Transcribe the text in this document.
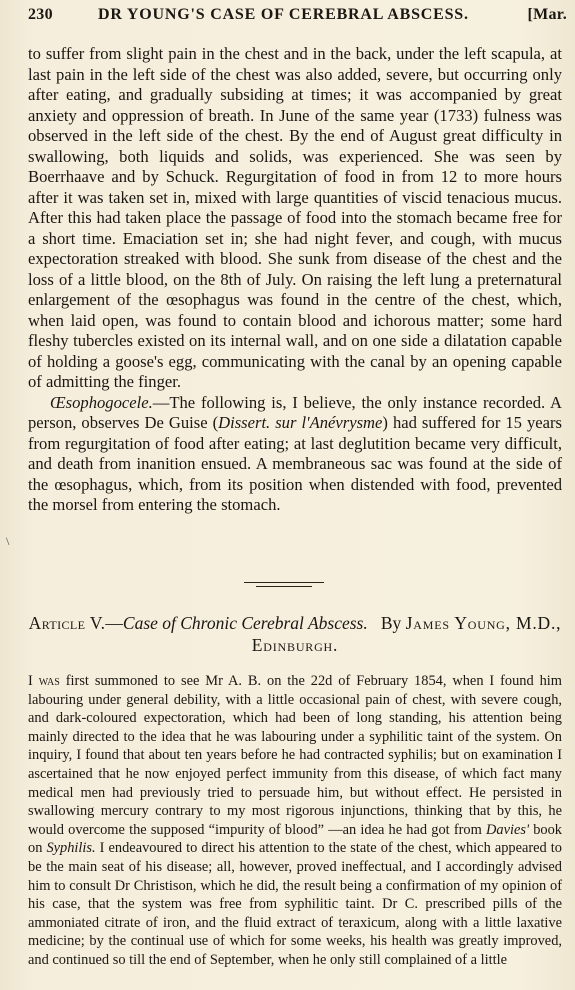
230	DR YOUNG'S CASE OF CEREBRAL ABSCESS.	[Mar.

to suffer from slight pain in the chest and in the back, under the left scapula, at last pain in the left side of the chest was also added, severe, but occurring only after eating, and gradually subsiding at times; it was accompanied by great anxiety and oppression of breath. In June of the same year (1733) fulness was observed in the left side of the chest. By the end of August great difficulty in swallowing, both liquids and solids, was experienced. She was seen by Boerrhaave and by Schuck. Regurgitation of food in from 12 to more hours after it was taken set in, mixed with large quantities of viscid tenacious mucus. After this had taken place the passage of food into the stomach became free for a short time. Emaciation set in; she had night fever, and cough, with mucus expectoration streaked with blood. She sunk from disease of the chest and the loss of a little blood, on the 8th of July. On raising the left lung a preternatural enlargement of the œsophagus was found in the centre of the chest, which, when laid open, was found to contain blood and ichorous matter; some hard fleshy tubercles existed on its internal wall, and on one side a dilatation capable of holding a goose's egg, communicating with the canal by an opening capable of admitting the finger.

Œsophogocele.—The following is, I believe, the only instance recorded. A person, observes De Guise (Dissert. sur l'Anévrysme) had suffered for 15 years from regurgitation of food after eating; at last deglutition became very difficult, and death from inanition ensued. A membraneous sac was found at the side of the œsophagus, which, from its position when distended with food, prevented the morsel from entering the stomach.

\
Article V.—Case of Chronic Cerebral Abscess. By James Young, M.D., Edinburgh.

I was first summoned to see Mr A. B. on the 22d of February 1854, when I found him labouring under general debility, with a little occasional pain of chest, with severe cough, and dark-coloured expectoration, which had been of long standing, his attention being mainly directed to the idea that he was labouring under a syphilitic taint of the system. On inquiry, I found that about ten years before he had contracted syphilis; but on examination I ascertained that he now enjoyed perfect immunity from this disease, of which fact many medical men had previously tried to persuade him, but without effect. He persisted in swallowing mercury contrary to my most rigorous injunctions, thinking that by this, he would overcome the supposed “impurity of blood” —an idea he had got from Davies' book on Syphilis. I endeavoured to direct his attention to the state of the chest, which appeared to be the main seat of his disease; all, however, proved ineffectual, and I accordingly advised him to consult Dr Christison, which he did, the result being a confirmation of my opinion of his case, that the system was free from syphilitic taint. Dr C. prescribed pills of the ammoniated citrate of iron, and the fluid extract of teraxicum, along with a little laxative medicine; by the continual use of which for some weeks, his health was greatly improved, and continued so till the end of September, when he only still complained of a little
